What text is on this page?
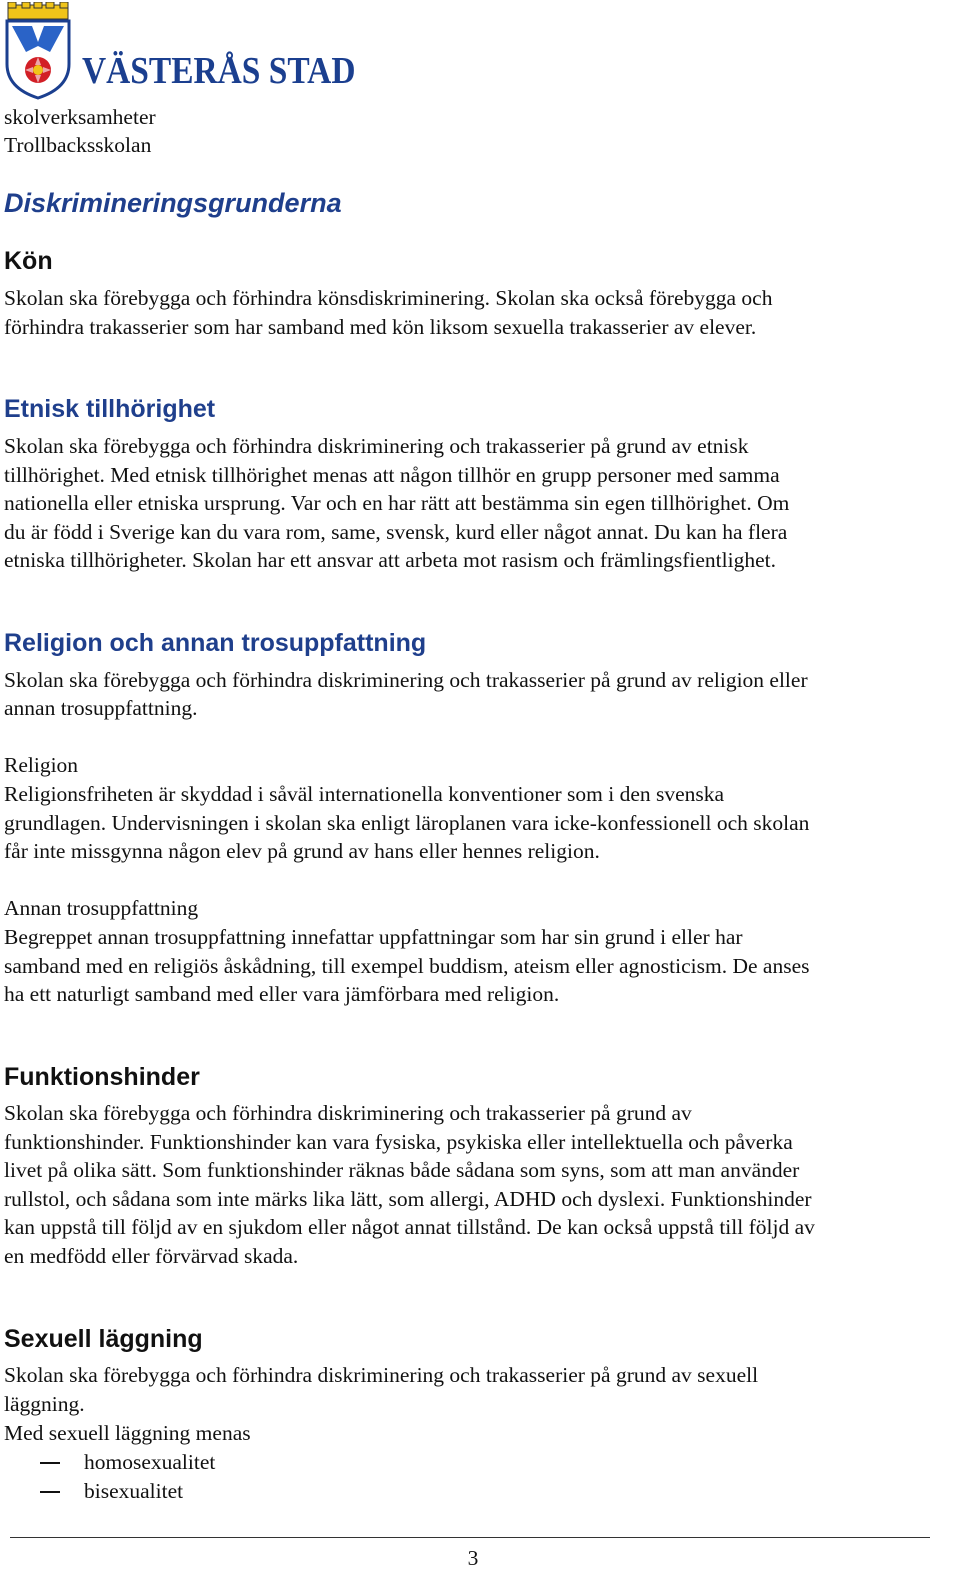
VÄSTERÅS STAD
skolverksamheter
Trollbacksskolan
Diskrimineringsgrunderna
Kön
Skolan ska förebygga och förhindra könsdiskriminering. Skolan ska också förebygga och
förhindra trakasserier som har samband med kön liksom sexuella trakasserier av elever.
Etnisk tillhörighet
Skolan ska förebygga och förhindra diskriminering och trakasserier på grund av etnisk
tillhörighet. Med etnisk tillhörighet menas att någon tillhör en grupp personer med samma
nationella eller etniska ursprung. Var och en har rätt att bestämma sin egen tillhörighet. Om
du är född i Sverige kan du vara rom, same, svensk, kurd eller något annat. Du kan ha flera
etniska tillhörigheter. Skolan har ett ansvar att arbeta mot rasism och främlingsfientlighet.
Religion och annan trosuppfattning
Skolan ska förebygga och förhindra diskriminering och trakasserier på grund av religion eller
annan trosuppfattning.
Religion
Religionsfriheten är skyddad i såväl internationella konventioner som i den svenska
grundlagen. Undervisningen i skolan ska enligt läroplanen vara icke-konfessionell och skolan
får inte missgynna någon elev på grund av hans eller hennes religion.
Annan trosuppfattning
Begreppet annan trosuppfattning innefattar uppfattningar som har sin grund i eller har
samband med en religiös åskådning, till exempel buddism, ateism eller agnosticism. De anses
ha ett naturligt samband med eller vara jämförbara med religion.
Funktionshinder
Skolan ska förebygga och förhindra diskriminering och trakasserier på grund av
funktionshinder. Funktionshinder kan vara fysiska, psykiska eller intellektuella och påverka
livet på olika sätt. Som funktionshinder räknas både sådana som syns, som att man använder
rullstol, och sådana som inte märks lika lätt, som allergi, ADHD och dyslexi. Funktionshinder
kan uppstå till följd av en sjukdom eller något annat tillstånd. De kan också uppstå till följd av
en medfödd eller förvärvad skada.
Sexuell läggning
Skolan ska förebygga och förhindra diskriminering och trakasserier på grund av sexuell
läggning.
Med sexuell läggning menas
homosexualitet
bisexualitet
3
